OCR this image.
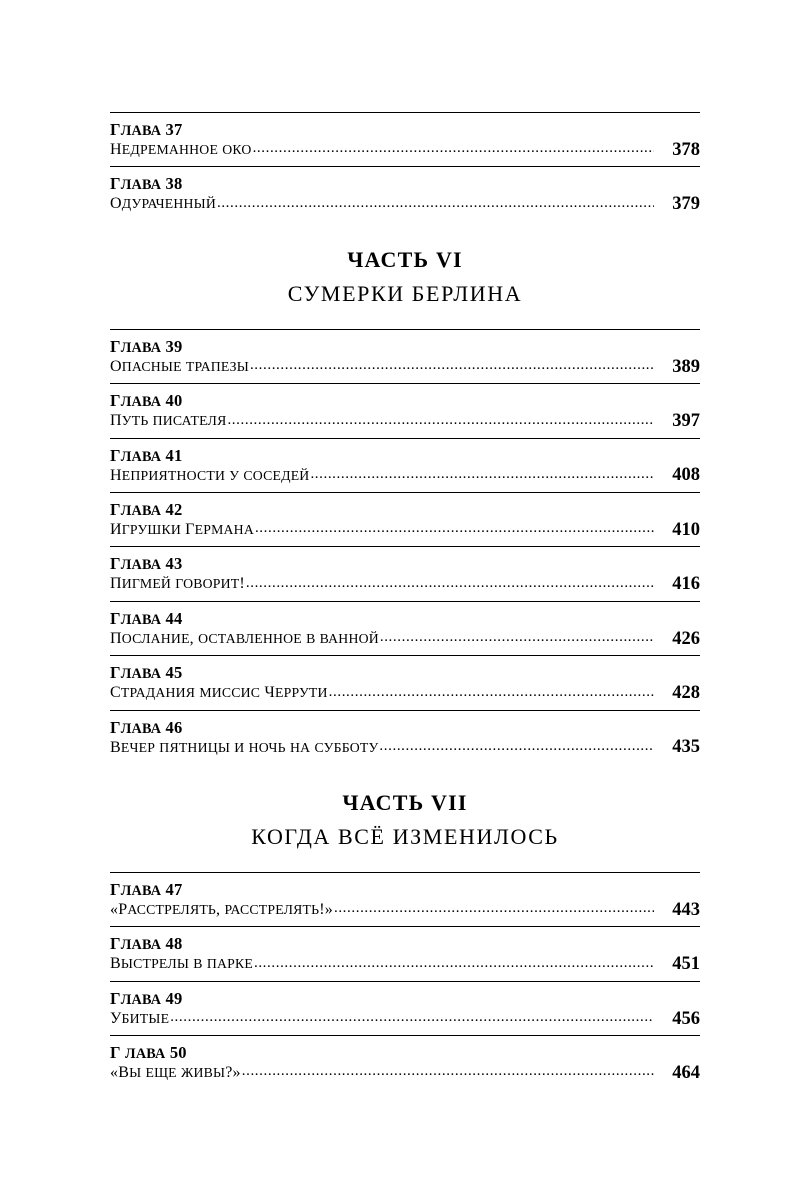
ГЛАВА 37
НЕДРЕМАННОЕ ОКО .....	378
ГЛАВА 38
ОДУРАЧЕННЫЙ .....	379
ЧАСТЬ VI
СУМЕРКИ БЕРЛИНА
ГЛАВА 39
ОПАСНЫЕ ТРАПЕЗЫ .....	389
ГЛАВА 40
ПУТЬ ПИСАТЕЛЯ .....	397
ГЛАВА 41
НЕПРИЯТНОСТИ У СОСЕДЕЙ .....	408
ГЛАВА 42
ИГРУШКИ ГЕРМАНА .....	410
ГЛАВА 43
ПИГМЕЙ ГОВОРИТ! .....	416
ГЛАВА 44
ПОСЛАНИЕ, ОСТАВЛЕННОЕ В ВАННОЙ .....	426
ГЛАВА 45
СТРАДАНИЯ МИССИС ЧЕРРУТИ .....	428
ГЛАВА 46
ВЕЧЕР ПЯТНИЦЫ И НОЧЬ НА СУББОТУ .....	435
ЧАСТЬ VII
КОГДА ВСЁ ИЗМЕНИЛОСЬ
ГЛАВА 47
«РАССТРЕЛЯТЬ, РАССТРЕЛЯТЬ!» .....	443
ГЛАВА 48
ВЫСТРЕЛЫ В ПАРКЕ .....	451
ГЛАВА 49
УБИТЫЕ .....	456
Г ЛАВА 50
«ВЫ ЕЩЕ ЖИВЫ?» .....	464
